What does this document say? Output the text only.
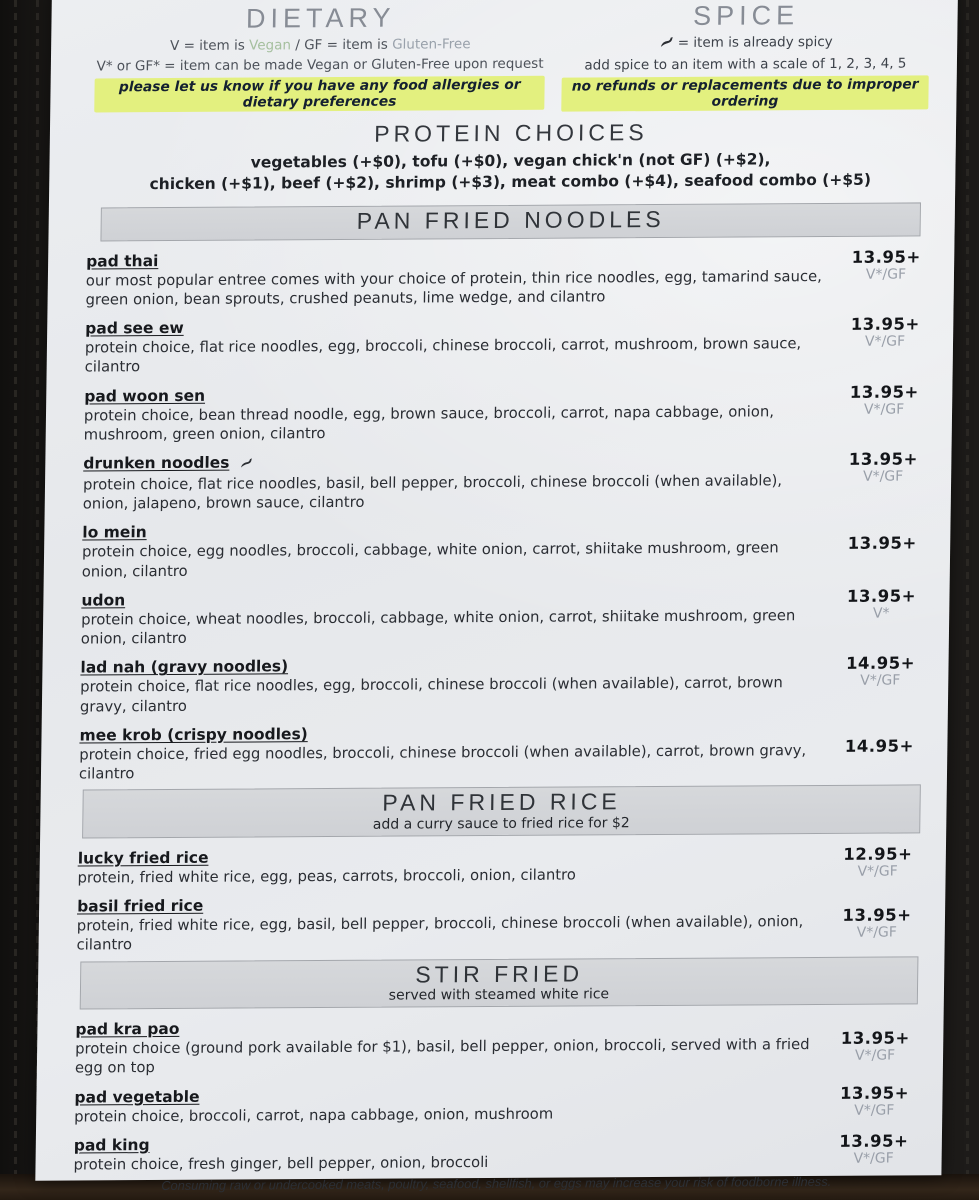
DIETARY
V = item is Vegan / GF = item is Gluten-Free
V* or GF* = item can be made Vegan or Gluten-Free upon request
please let us know if you have any food allergies or dietary preferences
SPICE
= item is already spicy
add spice to an item with a scale of 1, 2, 3, 4, 5
no refunds or replacements due to improper ordering
PROTEIN CHOICES
vegetables (+$0), tofu (+$0), vegan chick'n (not GF) (+$2),
chicken (+$1), beef (+$2), shrimp (+$3), meat combo (+$4), seafood combo (+$5)
PAN FRIED NOODLES
pad thai
our most popular entree comes with your choice of protein, thin rice noodles, egg, tamarind sauce, green onion, bean sprouts, crushed peanuts, lime wedge, and cilantro
13.95+
V*/GF
pad see ew
protein choice, flat rice noodles, egg, broccoli, chinese broccoli, carrot, mushroom, brown sauce, cilantro
13.95+
V*/GF
pad woon sen
protein choice, bean thread noodle, egg, brown sauce, broccoli, carrot, napa cabbage, onion, mushroom, green onion, cilantro
13.95+
V*/GF
drunken noodles
protein choice, flat rice noodles, basil, bell pepper, broccoli, chinese broccoli (when available), onion, jalapeno, brown sauce, cilantro
13.95+
V*/GF
lo mein
protein choice, egg noodles, broccoli, cabbage, white onion, carrot, shiitake mushroom, green onion, cilantro
13.95+
udon
protein choice, wheat noodles, broccoli, cabbage, white onion, carrot, shiitake mushroom, green onion, cilantro
13.95+
V*
lad nah (gravy noodles)
protein choice, flat rice noodles, egg, broccoli, chinese broccoli (when available), carrot, brown gravy, cilantro
14.95+
V*/GF
mee krob (crispy noodles)
protein choice, fried egg noodles, broccoli, chinese broccoli (when available), carrot, brown gravy, cilantro
14.95+
PAN FRIED RICE
add a curry sauce to fried rice for $2
lucky fried rice
protein, fried white rice, egg, peas, carrots, broccoli, onion, cilantro
12.95+
V*/GF
basil fried rice
protein, fried white rice, egg, basil, bell pepper, broccoli, chinese broccoli (when available), onion, cilantro
13.95+
V*/GF
STIR FRIED
served with steamed white rice
pad kra pao
protein choice (ground pork available for $1), basil, bell pepper, onion, broccoli, served with a fried egg on top
13.95+
V*/GF
pad vegetable
protein choice, broccoli, carrot, napa cabbage, onion, mushroom
13.95+
V*/GF
pad king
protein choice, fresh ginger, bell pepper, onion, broccoli
13.95+
V*/GF
Consuming raw or undercooked meats, poultry, seafood, shellfish, or eggs may increase your risk of foodborne illness.
